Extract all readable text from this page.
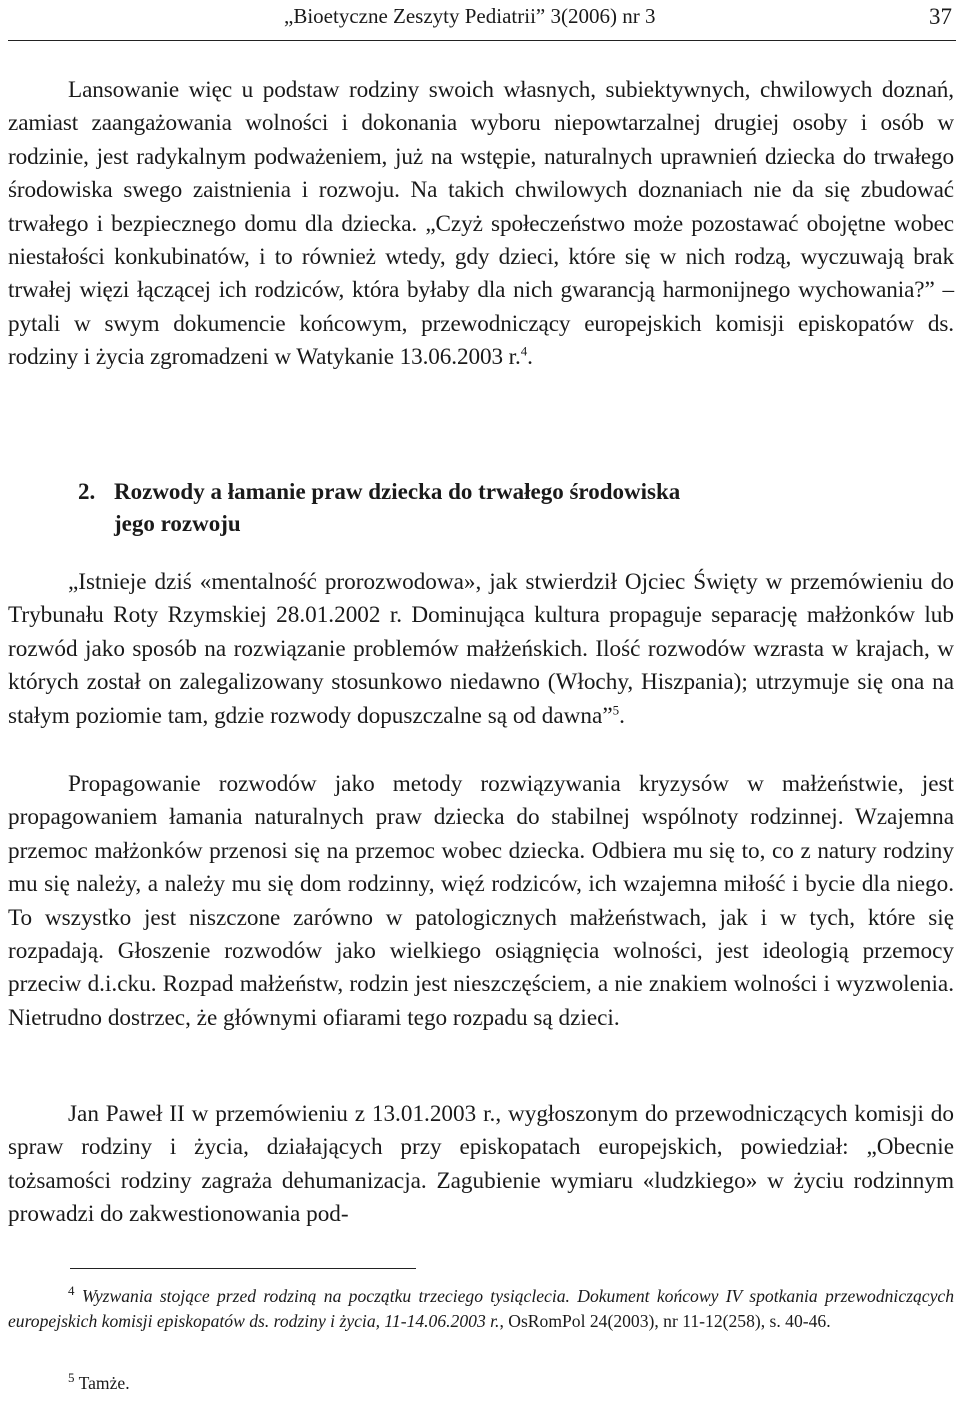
„Bioetyczne Zeszyty Pediatrii” 3(2006) nr 3	37

Lansowanie więc u podstaw rodziny swoich własnych, subiektywnych, chwilowych doznań, zamiast zaangażowania wolności i dokonania wyboru niepowtarzalnej drugiej osoby i osób w rodzinie, jest radykalnym podważeniem, już na wstępie, naturalnych uprawnień dziecka do trwałego środowiska swego zaistnienia i rozwoju. Na takich chwilowych doznaniach nie da się zbudować trwałego i bezpiecznego domu dla dziecka. „Czyż społeczeństwo może pozostawać obojętne wobec niestałości konkubinatów, i to również wtedy, gdy dzieci, które się w nich rodzą, wyczuwają brak trwałej więzi łączącej ich rodziców, która byłaby dla nich gwarancją harmonijnego wychowania?” – pytali w swym dokumencie końcowym, przewodniczący europejskich komisji episkopatów ds. rodziny i życia zgromadzeni w Watykanie 13.06.2003 r.$^4$.

2. Rozwody a łamanie praw dziecka do trwałego środowiska
jego rozwoju

„Istnieje dziś «mentalność prorozwodowa», jak stwierdził Ojciec Święty w przemówieniu do Trybunału Roty Rzymskiej 28.01.2002 r. Dominująca kultura propaguje separację małżonków lub rozwód jako sposób na rozwiązanie problemów małżeńskich. Ilość rozwodów wzrasta w krajach, w których został on zalegalizowany stosunkowo niedawno (Włochy, Hiszpania); utrzymuje się ona na stałym poziomie tam, gdzie rozwody dopuszczalne są od dawna”$^5$.

Propagowanie rozwodów jako metody rozwiązywania kryzysów w małżeństwie, jest propagowaniem łamania naturalnych praw dziecka do stabilnej wspólnoty rodzinnej. Wzajemna przemoc małżonków przenosi się na przemoc wobec dziecka. Odbiera mu się to, co z natury rodziny mu się należy, a należy mu się dom rodzinny, więź rodziców, ich wzajemna miłość i bycie dla niego. To wszystko jest niszczone zarówno w patologicznych małżeństwach, jak i w tych, które się rozpadają. Głoszenie rozwodów jako wielkiego osiągnięcia wolności, jest ideologią przemocy przeciw d.i.cku. Rozpad małżeństw, rodzin jest nieszczęściem, a nie znakiem wolności i wyzwolenia. Nietrudno dostrzec, że głównymi ofiarami tego rozpadu są dzieci.

Jan Paweł II w przemówieniu z 13.01.2003 r., wygłoszonym do przewodniczących komisji do spraw rodziny i życia, działających przy episkopatach europejskich, powiedział: „Obecnie tożsamości rodziny zagraża dehumanizacja. Zagubienie wymiaru «ludzkiego» w życiu rodzinnym prowadzi do zakwestionowania pod-

$^4$ Wyzwania stojące przed rodziną na początku trzeciego tysiąclecia. Dokument końcowy IV spotkania przewodniczących europejskich komisji episkopatów ds. rodziny i życia, 11-14.06.2003 r., OsRomPol 24(2003), nr 11-12(258), s. 40-46.

$^5$ Tamże.
